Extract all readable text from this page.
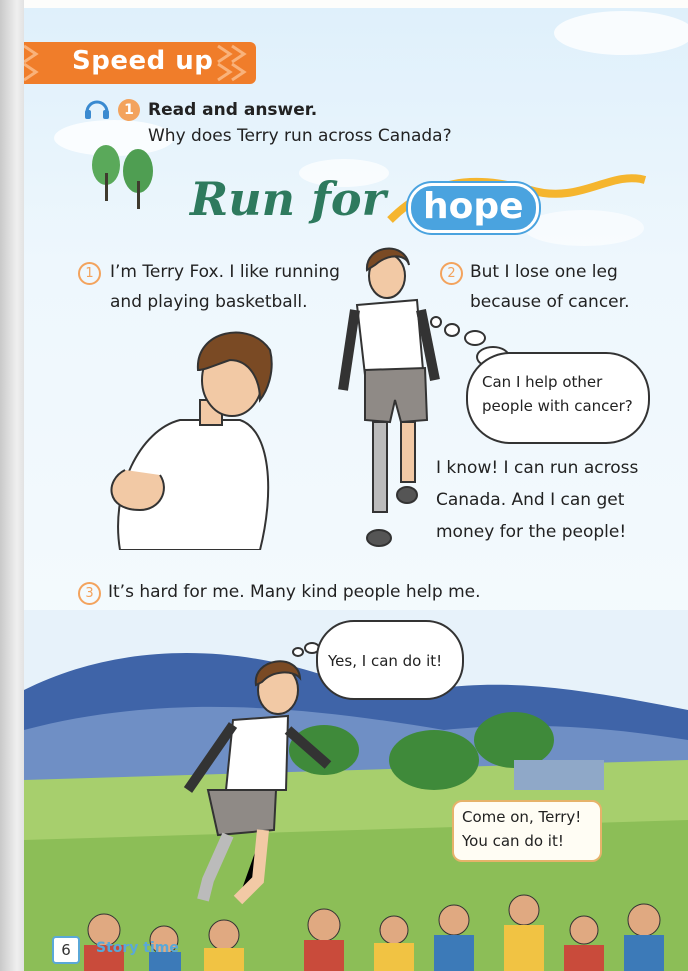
Speed up
1 Read and answer.
Why does Terry run across Canada?
Run for	hope
1 I’m Terry Fox. I like running
and playing basketball.
2 But I lose one leg
because of cancer.
Can I help other
people with cancer?
I know! I can run across
Canada. And I can get
money for the people!
3 It’s hard for me. Many kind people help me.
Yes, I can do it!
Come on, Terry!
You can do it!
6	Story time
